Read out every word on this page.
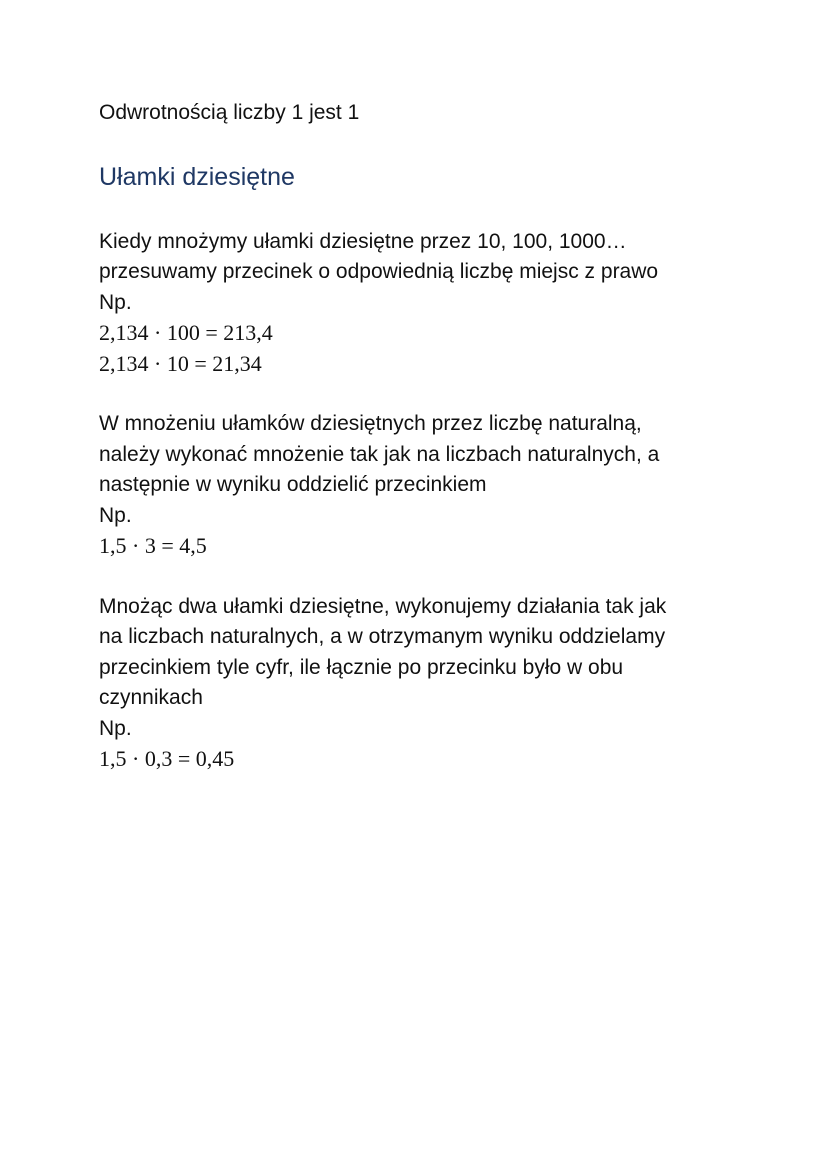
Odwrotnością liczby 1 jest 1

Ułamki dziesiętne
Kiedy mnożymy ułamki dziesiętne przez 10, 100, 1000…
przesuwamy przecinek o odpowiednią liczbę miejsc z prawo
Np.
2,134 · 100 = 213,4
2,134 · 10 = 21,34
W mnożeniu ułamków dziesiętnych przez liczbę naturalną,
należy wykonać mnożenie tak jak na liczbach naturalnych, a
następnie w wyniku oddzielić przecinkiem
Np.
1,5 · 3 = 4,5
Mnożąc dwa ułamki dziesiętne, wykonujemy działania tak jak
na liczbach naturalnych, a w otrzymanym wyniku oddzielamy
przecinkiem tyle cyfr, ile łącznie po przecinku było w obu
czynnikach
Np.
1,5 · 0,3 = 0,45
